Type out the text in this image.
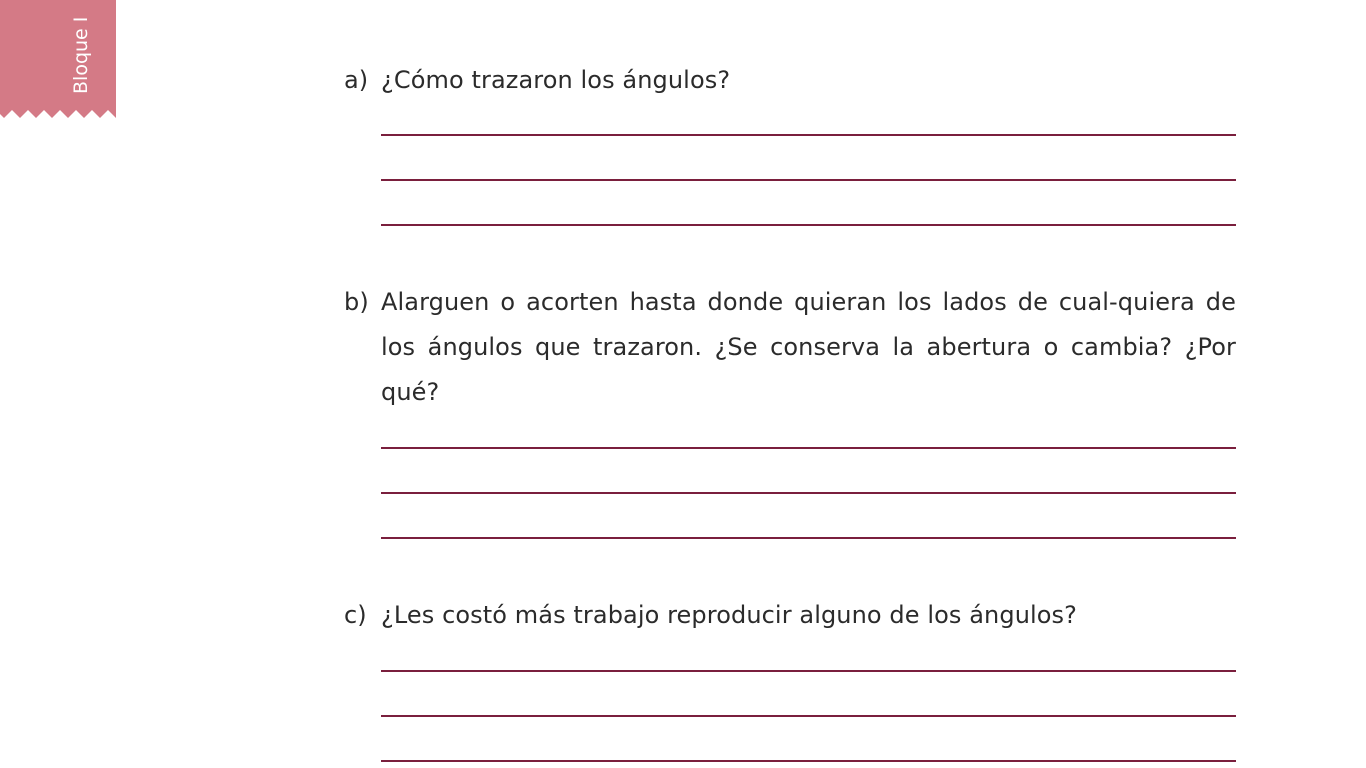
Bloque I	a) ¿Cómo trazaron los ángulos?
b) Alarguen o acorten hasta donde quieran los lados de cual-quiera de los ángulos que trazaron. ¿Se conserva la abertura o cambia? ¿Por qué?
c) ¿Les costó más trabajo reproducir alguno de los ángulos?
